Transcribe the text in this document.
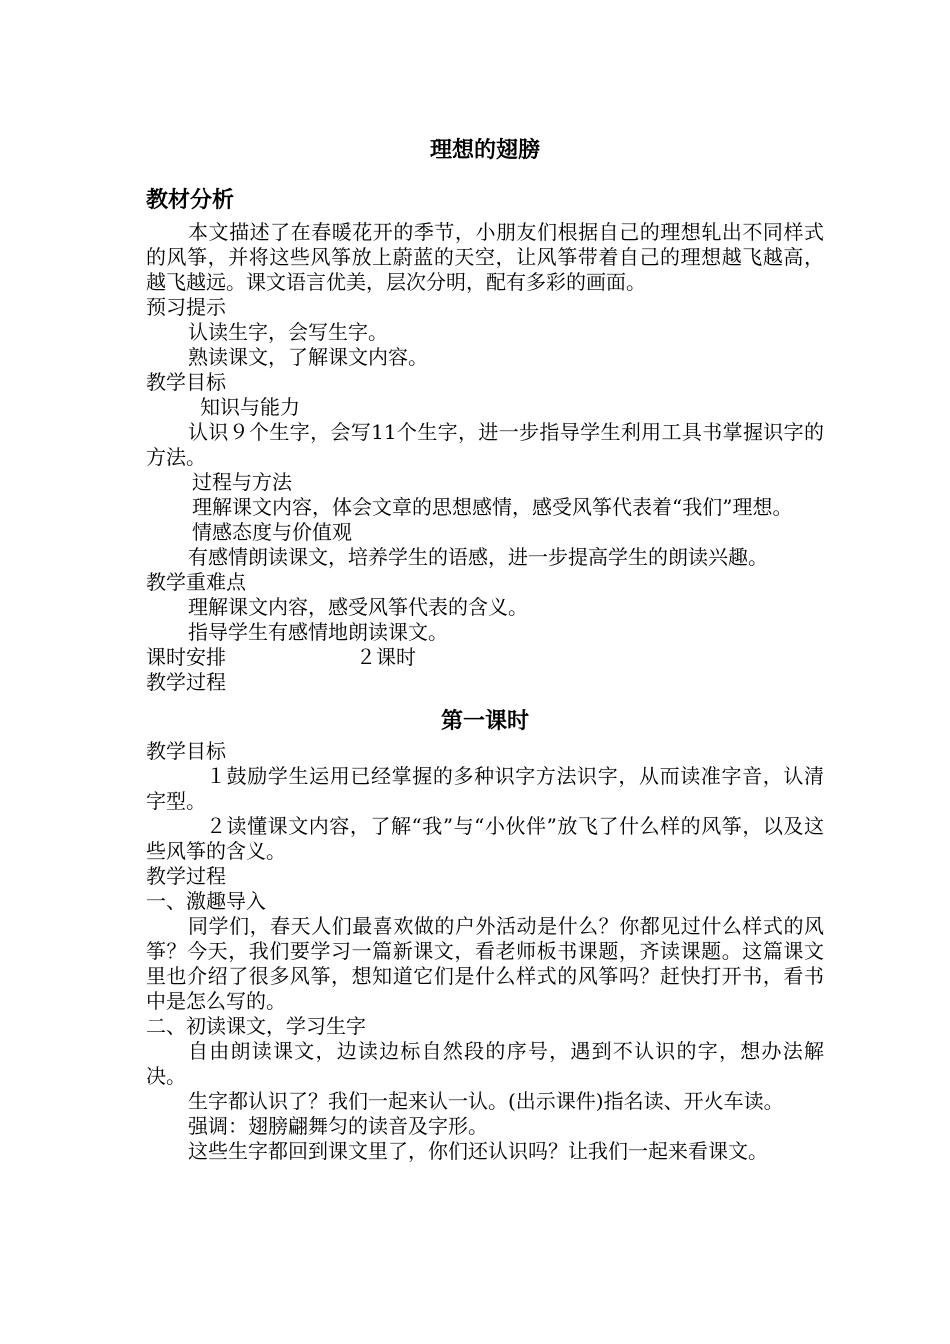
理想的翅膀
教材分析

本文描述了在春暖花开的季节，小朋友们根据自己的理想轧出不同样式的风筝，并将这些风筝放上蔚蓝的天空，让风筝带着自己的理想越飞越高，越飞越远。课文语言优美，层次分明，配有多彩的画面。

预习提示

认读生字，会写生字。

熟读课文，了解课文内容。

教学目标

知识与能力

认识９个生字，会写11个生字，进一步指导学生利用工具书掌握识字的方法。

过程与方法

理解课文内容，体会文章的思想感情，感受风筝代表着“我们”理想。

情感态度与价值观

有感情朗读课文，培养学生的语感，进一步提高学生的朗读兴趣。

教学重难点

理解课文内容，感受风筝代表的含义。

指导学生有感情地朗读课文。

课时安排	２课时

教学过程

第一课时

教学目标

１鼓励学生运用已经掌握的多种识字方法识字，从而读准字音，认清字型。

２读懂课文内容，了解“我”与“小伙伴”放飞了什么样的风筝，以及这些风筝的含义。

教学过程

一、激趣导入

同学们，春天人们最喜欢做的户外活动是什么？你都见过什么样式的风筝？今天，我们要学习一篇新课文，看老师板书课题，齐读课题。这篇课文里也介绍了很多风筝，想知道它们是什么样式的风筝吗？赶快打开书，看书中是怎么写的。

二、初读课文，学习生字

自由朗读课文，边读边标自然段的序号，遇到不认识的字，想办法解决。

生字都认识了？我们一起来认一认。(出示课件)指名读、开火车读。

强调：翅膀翩舞匀的读音及字形。

这些生字都回到课文里了，你们还认识吗？让我们一起来看课文。
